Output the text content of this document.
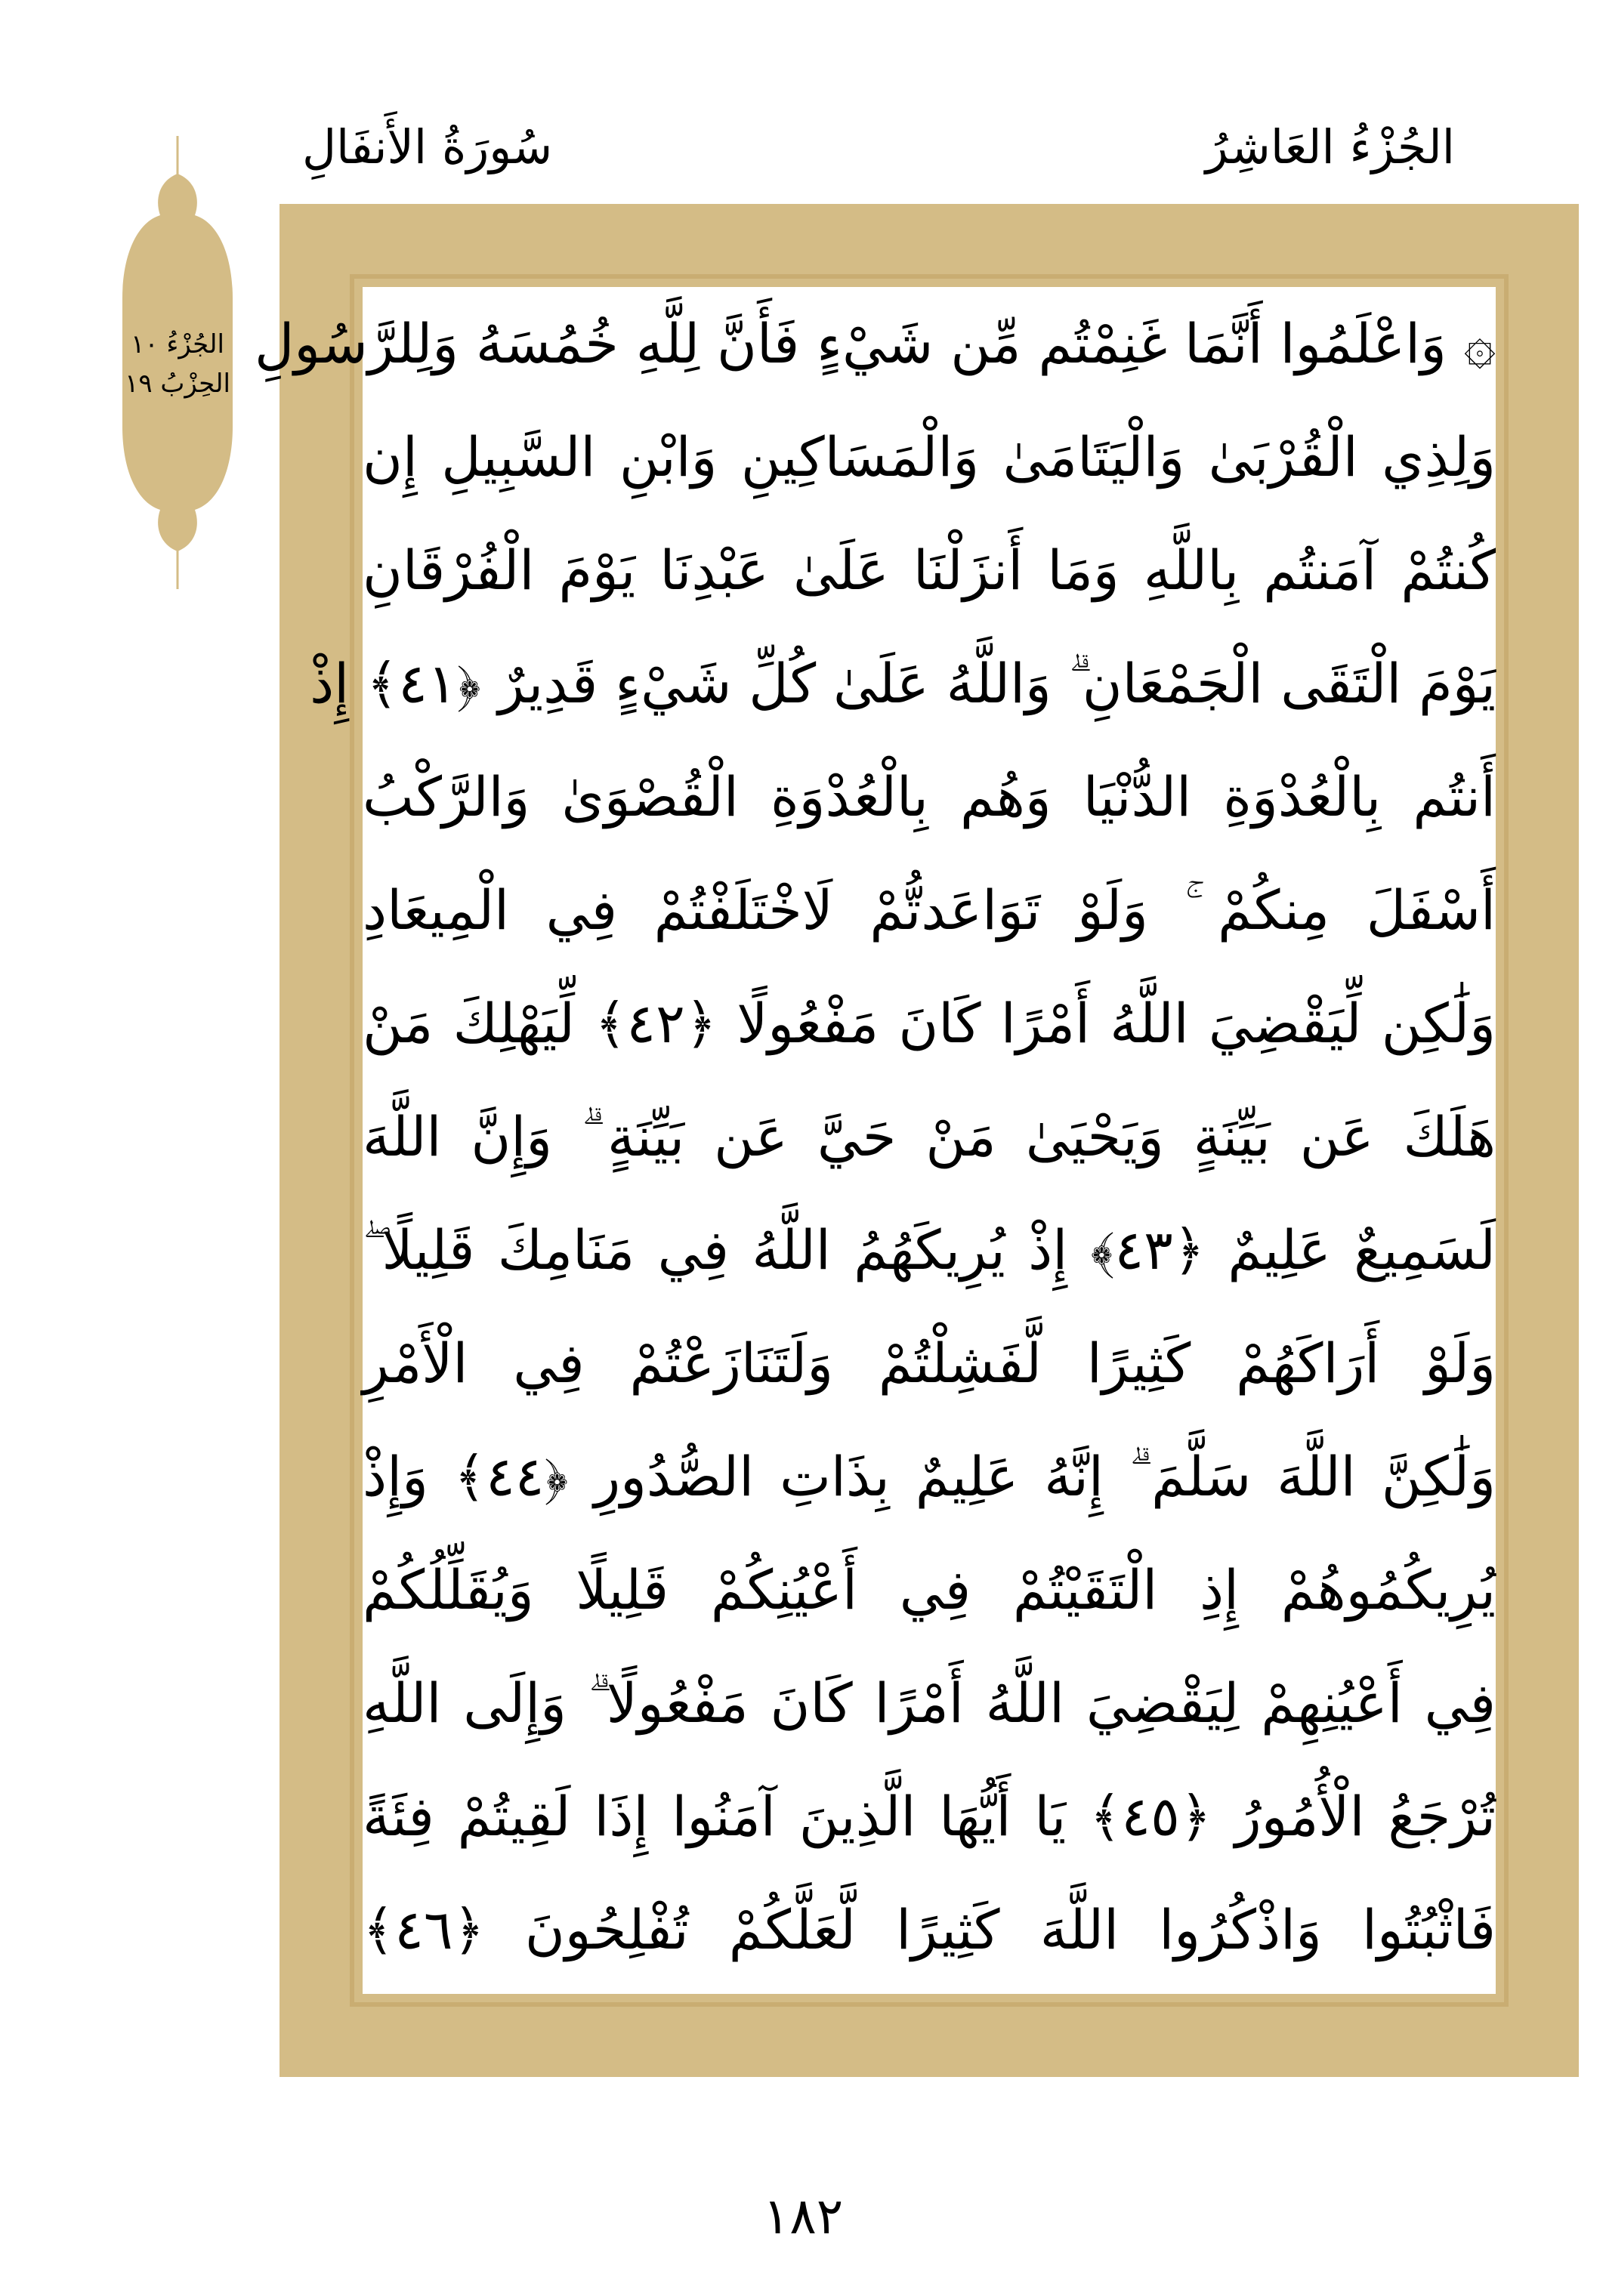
الجُزْءُ العَاشِرُ
سُورَةُ الأَنفَالِ
الجُزْءُ ١٠
الحِزْبُ ١٩
۞ وَاعْلَمُوا أَنَّمَا غَنِمْتُم مِّن شَيْءٍ فَأَنَّ لِلَّهِ خُمُسَهُ وَلِلرَّسُولِ
وَلِذِي الْقُرْبَىٰ وَالْيَتَامَىٰ وَالْمَسَاكِينِ وَابْنِ السَّبِيلِ إِن
كُنتُمْ آمَنتُم بِاللَّهِ وَمَا أَنزَلْنَا عَلَىٰ عَبْدِنَا يَوْمَ الْفُرْقَانِ
يَوْمَ الْتَقَى الْجَمْعَانِ ۗ وَاللَّهُ عَلَىٰ كُلِّ شَيْءٍ قَدِيرٌ ﴿٤١﴾ إِذْ
أَنتُم بِالْعُدْوَةِ الدُّنْيَا وَهُم بِالْعُدْوَةِ الْقُصْوَىٰ وَالرَّكْبُ
أَسْفَلَ مِنكُمْ ۚ وَلَوْ تَوَاعَدتُّمْ لَاخْتَلَفْتُمْ فِي الْمِيعَادِ
وَلَٰكِن لِّيَقْضِيَ اللَّهُ أَمْرًا كَانَ مَفْعُولًا ﴿٤٢﴾ لِّيَهْلِكَ مَنْ
هَلَكَ عَن بَيِّنَةٍ وَيَحْيَىٰ مَنْ حَيَّ عَن بَيِّنَةٍ ۗ وَإِنَّ اللَّهَ
لَسَمِيعٌ عَلِيمٌ ﴿٤٣﴾ إِذْ يُرِيكَهُمُ اللَّهُ فِي مَنَامِكَ قَلِيلًا ۖ
وَلَوْ أَرَاكَهُمْ كَثِيرًا لَّفَشِلْتُمْ وَلَتَنَازَعْتُمْ فِي الْأَمْرِ
وَلَٰكِنَّ اللَّهَ سَلَّمَ ۗ إِنَّهُ عَلِيمٌ بِذَاتِ الصُّدُورِ ﴿٤٤﴾ وَإِذْ
يُرِيكُمُوهُمْ إِذِ الْتَقَيْتُمْ فِي أَعْيُنِكُمْ قَلِيلًا وَيُقَلِّلُكُمْ
فِي أَعْيُنِهِمْ لِيَقْضِيَ اللَّهُ أَمْرًا كَانَ مَفْعُولًا ۗ وَإِلَى اللَّهِ
تُرْجَعُ الْأُمُورُ ﴿٤٥﴾ يَا أَيُّهَا الَّذِينَ آمَنُوا إِذَا لَقِيتُمْ فِئَةً
فَاثْبُتُوا وَاذْكُرُوا اللَّهَ كَثِيرًا لَّعَلَّكُمْ تُفْلِحُونَ ﴿٤٦﴾
١٨٢
